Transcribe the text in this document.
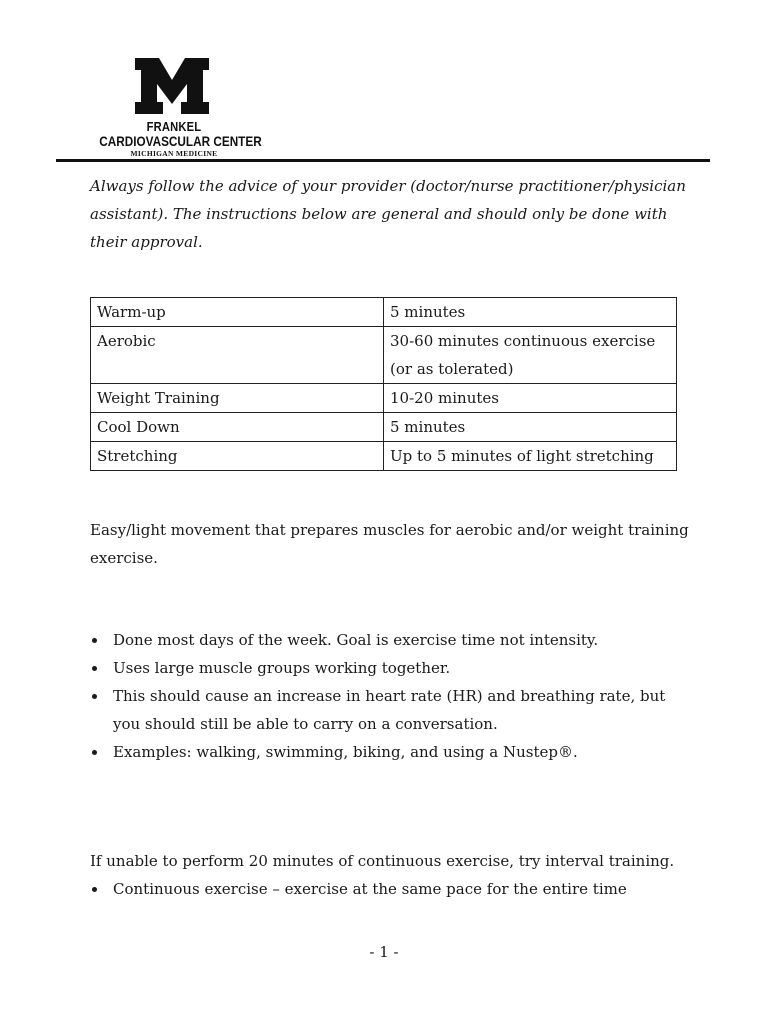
FRANKEL
CARDIOVASCULAR CENTER
MICHIGAN MEDICINE

Always follow the advice of your provider (doctor/nurse practitioner/physician assistant). The instructions below are general and should only be done with their approval.

Warm-up	5 minutes
Aerobic	30-60 minutes continuous exercise (or as tolerated)
Weight Training	10-20 minutes
Cool Down	5 minutes
Stretching	Up to 5 minutes of light stretching

Easy/light movement that prepares muscles for aerobic and/or weight training exercise.

Done most days of the week. Goal is exercise time not intensity.
Uses large muscle groups working together.
This should cause an increase in heart rate (HR) and breathing rate, but you should still be able to carry on a conversation.
Examples: walking, swimming, biking, and using a Nustep®.

If unable to perform 20 minutes of continuous exercise, try interval training.

Continuous exercise – exercise at the same pace for the entire time
- 1 -
